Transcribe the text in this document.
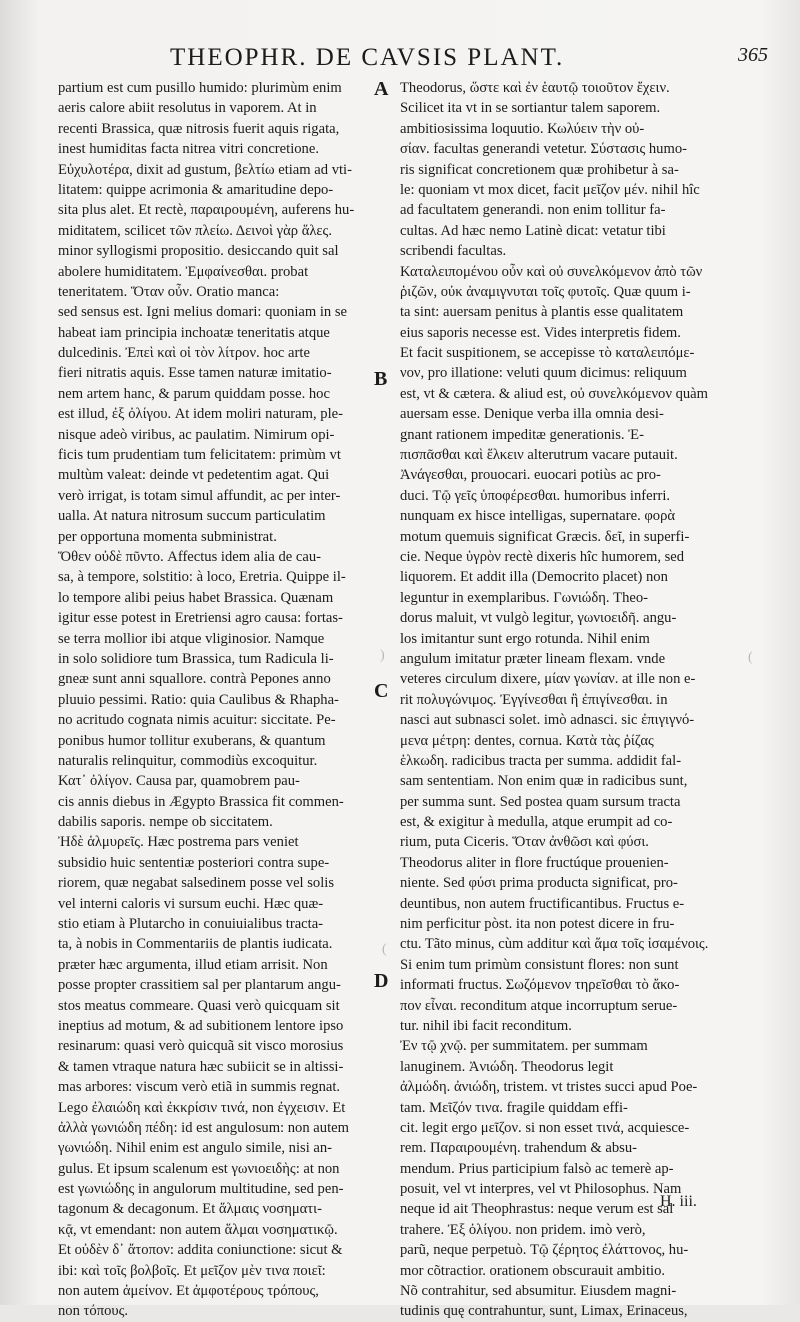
THEOPHR. DE CAVSIS PLANT.	365
A
B
C
D
partium est cum pusillo humido: plurimùm enim
aeris calore abiit resolutus in vaporem. At in
recenti Brassica, quæ nitrosis fuerit aquis rigata,
inest humiditas facta nitrea vitri concretione.
Εὐχυλοτέρα, dixit ad gustum, βελτίω etiam ad vti-
litatem: quippe acrimonia & amaritudine depo-
sita plus alet. Et rectè, παραιρουμένη, auferens hu-
miditatem, scilicet τῶν πλείω. Δεινοὶ γὰρ ἅλες.
minor syllogismi propositio. desiccando quit sal
abolere humiditatem. Ἐμφαίνεσθαι. probat
teneritatem. Ὅταν οὖν. Oratio manca:
sed sensus est. Igni melius domari: quoniam in se
habeat iam principia inchoatæ teneritatis atque
dulcedinis. Ἐπεὶ καὶ οἱ τὸν λίτρον. hoc arte
fieri nitratis aquis. Esse tamen naturæ imitatio-
nem artem hanc, & parum quiddam posse. hoc
est illud, ἐξ ὀλίγου. At idem moliri naturam, ple-
nisque adeò viribus, ac paulatim. Nimirum opi-
ficis tum prudentiam tum felicitatem: primùm vt
multùm valeat: deinde vt pedetentim agat. Qui
verò irrigat, is totam simul affundit, ac per inter-
ualla. At natura nitrosum succum particulatim
per opportuna momenta subministrat.
Ὅθεν οὐδὲ πῦντο. Affectus idem alia de cau-
sa, à tempore, solstitio: à loco, Eretria. Quippe il-
lo tempore alibi peius habet Brassica. Quænam
igitur esse potest in Eretriensi agro causa: fortas-
se terra mollior ibi atque vliginosior. Namque
in solo solidiore tum Brassica, tum Radicula li-
gneæ sunt anni squallore. contrà Pepones anno
pluuio pessimi. Ratio: quia Caulibus & Rhapha-
no acritudo cognata nimis acuitur: siccitate. Pe-
ponibus humor tollitur exuberans, & quantum
naturalis relinquitur, commodiùs excoquitur.
Κατ᾽ ὀλίγον. Causa par, quamobrem pau-
cis annis diebus in Ægypto Brassica fit commen-
dabilis saporis. nempe ob siccitatem.
Ἠδὲ ἁλμυρεῖς. Hæc postrema pars veniet
subsidio huic sententiæ posteriori contra supe-
riorem, quæ negabat salsedinem posse vel solis
vel interni caloris vi sursum euchi. Hæc quæ-
stio etiam à Plutarcho in conuiuialibus tracta-
ta, à nobis in Commentariis de plantis iudicata.
præter hæc argumenta, illud etiam arrisit. Non
posse propter crassitiem sal per plantarum angu-
stos meatus commeare. Quasi verò quicquam sit
ineptius ad motum, & ad subitionem lentore ipso
resinarum: quasi verò quicquã sit visco morosius
& tamen vtraque natura hæc subiicit se in altissi-
mas arbores: viscum verò etiã in summis regnat.
Lego ἐλαιώδη καὶ ἐκκρίσιν τινά, non ἐγχεισιν. Et
ἀλλὰ γωνιώδη πέδη: id est angulosum: non autem
γωνιώδη. Nihil enim est angulo simile, nisi an-
gulus. Et ipsum scalenum est γωνιοειδὴς: at non
est γωνιώδης in angulorum multitudine, sed pen-
tagonum & decagonum. Et ἅλμαις νοσηματι-
κᾷ, vt emendant: non autem ἅλμαι νοσηματικῷ.
Et οὐδὲν δ᾽ ἄτοπον: addita coniunctione: sicut &
ibi: καὶ τοῖς βολβοῖς. Et μεῖζον μὲν τινα ποιεῖ:
non autem ἀμείνον. Et ἀμφοτέρους τρόπους,
non τόπους.
Theodorus, ὥστε καὶ ἐν ἑαυτῷ τοιοῦτον ἔχειν.
Scilicet ita vt in se sortiantur talem saporem.
ambitiosissima loquutio. Κωλύειν τὴν οὐ-
σίαν. facultas generandi vetetur. Σύστασις humo-
ris significat concretionem quæ prohibetur à sa-
le: quoniam vt mox dicet, facit μεῖζον μέν. nihil hîc
ad facultatem generandi. non enim tollitur fa-
cultas. Ad hæc nemo Latinè dicat: vetatur tibi
scribendi facultas.
Καταλειπομένου οὖν καὶ οὐ συνελκόμενον ἀπὸ τῶν
ῥιζῶν, οὐκ ἀναμιγνυται τοῖς φυτοῖς. Quæ quum i-
ta sint: auersam penitus à plantis esse qualitatem
eius saporis necesse est. Vides interpretis fidem.
Et facit suspitionem, se accepisse τὸ καταλειπόμε-
νον, pro illatione: veluti quum dicimus: reliquum
est, vt & cætera. & aliud est, οὐ συνελκόμενον quàm
auersam esse. Denique verba illa omnia desi-
gnant rationem impeditæ generationis. Ἐ-
πισπᾶσθαι καὶ ἕλκειν alterutrum vacare putauit.
Ἀνάγεσθαι, prouocari. euocari potiùs ac pro-
duci. Τῷ γεῖς ὑποφέρεσθαι. humoribus inferri.
nunquam ex hisce intelligas, supernatare. φορὰ
motum quemuis significat Græcis. δεῖ, in superfi-
cie. Neque ὑγρὸν rectè dixeris hîc humorem, sed
liquorem. Et addit illa (Democrito placet) non
leguntur in exemplaribus. Γωνιώδη. Theo-
dorus maluit, vt vulgò legitur, γωνιοειδῆ. angu-
los imitantur sunt ergo rotunda. Nihil enim
angulum imitatur præter lineam flexam. vnde
veteres circulum dixere, μίαν γωνίαν. at ille non e-
rit πολυγώνιμος. Ἐγγίνεσθαι ἢ ἐπιγίνεσθαι. in
nasci aut subnasci solet. imò adnasci. sic ἐπιγιγνό-
μενα μέτρη: dentes, cornua. Κατὰ τὰς ῥίζας
ἑλκωδη. radicibus tracta per summa. addidit fal-
sam sententiam. Non enim quæ in radicibus sunt,
per summa sunt. Sed postea quam sursum tracta
est, & exigitur à medulla, atque erumpit ad co-
rium, puta Ciceris. Ὅταν ἀνθῶσι καὶ φύσι.
Theodorus aliter in flore fructúque prouenien-
niente. Sed φύσι prima producta significat, pro-
deuntibus, non autem fructificantibus. Fructus e-
nim perficitur pòst. ita non potest dicere in fru-
ctu. Tãto minus, cùm additur καὶ ἅμα τοῖς ἰσαμένοις.
Si enim tum primùm consistunt flores: non sunt
informati fructus. Σωζόμενον τηρεῖσθαι τὸ ἄκο-
πον εἶναι. reconditum atque incorruptum serue-
tur. nihil ibi facit reconditum.
Ἐν τῷ χνῷ. per summitatem. per summam
lanuginem. Ἀνιώδη. Theodorus legit
ἀλμώδη. ἀνιώδη, tristem. vt tristes succi apud Poe-
tam. Μεῖζόν τινα. fragile quiddam effi-
cit. legit ergo μεῖζον. si non esset τινά, acquiesce-
rem. Παραιρουμένη. trahendum & absu-
mendum. Prius participium falsò ac temerè ap-
posuit, vel vt interpres, vel vt Philosophus. Nam
neque id ait Theophrastus: neque verum est sal
trahere. Ἐξ ὀλίγου. non pridem. imò verò,
parũ, neque perpetuò. Τῷ ζέρητος ἐλάττονος, hu-
mor cõtractior. orationem obscurauit ambitio.
Nõ contrahitur, sed absumitur. Eiusdem magni-
tudinis quę contrahuntur, sunt, Limax, Erinaceus,
)
(
(
H. iii.
